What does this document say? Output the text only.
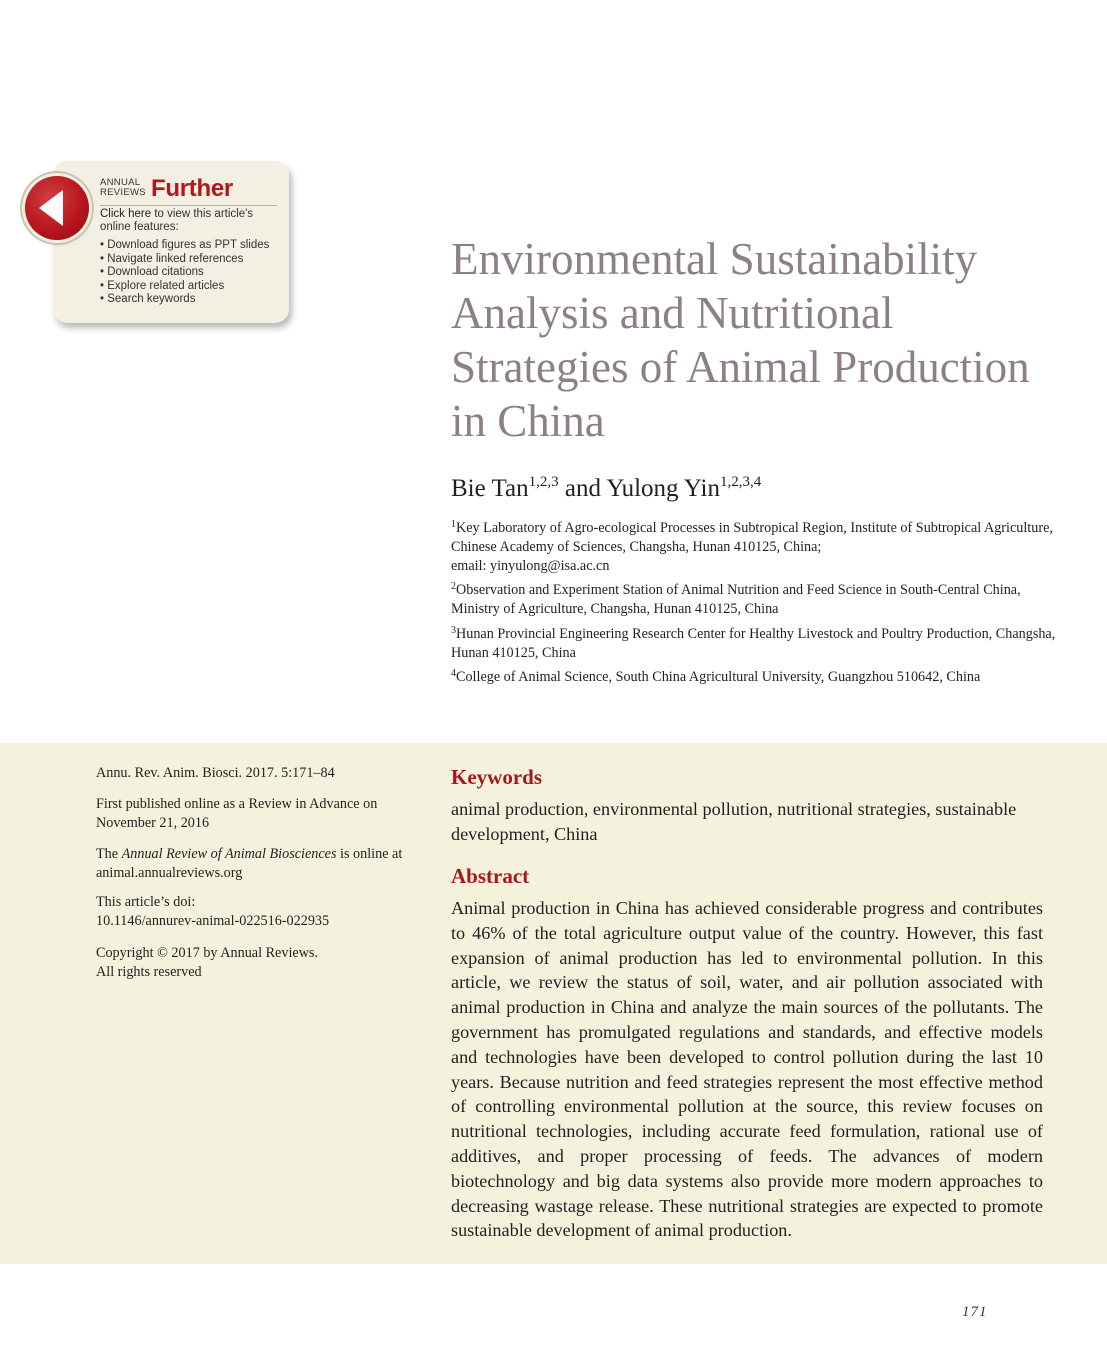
ANNUAL
REVIEWS Further
Click here to view this article's online features:
• Download figures as PPT slides
• Navigate linked references
• Download citations
• Explore related articles
• Search keywords
Environmental Sustainability
Analysis and Nutritional
Strategies of Animal Production
in China
Bie Tan$^{1,2,3}$ and Yulong Yin$^{1,2,3,4}$
$^1$Key Laboratory of Agro-ecological Processes in Subtropical Region, Institute of Subtropical Agriculture, Chinese Academy of Sciences, Changsha, Hunan 410125, China;
email: yinyulong@isa.ac.cn
$^2$Observation and Experiment Station of Animal Nutrition and Feed Science in South-Central China, Ministry of Agriculture, Changsha, Hunan 410125, China
$^3$Hunan Provincial Engineering Research Center for Healthy Livestock and Poultry Production, Changsha, Hunan 410125, China
$^4$College of Animal Science, South China Agricultural University, Guangzhou 510642, China
Annu. Rev. Anim. Biosci. 2017. 5:171–84
First published online as a Review in Advance on November 21, 2016
The Annual Review of Animal Biosciences is online at animal.annualreviews.org
This article’s doi:
10.1146/annurev-animal-022516-022935
Copyright © 2017 by Annual Reviews.
All rights reserved
Keywords
animal production, environmental pollution, nutritional strategies, sustainable development, China
Abstract

Animal production in China has achieved considerable progress and contributes to 46% of the total agriculture output value of the country. However, this fast expansion of animal production has led to environmental pollution. In this article, we review the status of soil, water, and air pollution associated with animal production in China and analyze the main sources of the pollutants. The government has promulgated regulations and standards, and effective models and technologies have been developed to control pollution during the last 10 years. Because nutrition and feed strategies represent the most effective method of controlling environmental pollution at the source, this review focuses on nutritional technologies, including accurate feed formulation, rational use of additives, and proper processing of feeds. The advances of modern biotechnology and big data systems also provide more modern approaches to decreasing wastage release. These nutritional strategies are expected to promote sustainable development of animal production.

171
